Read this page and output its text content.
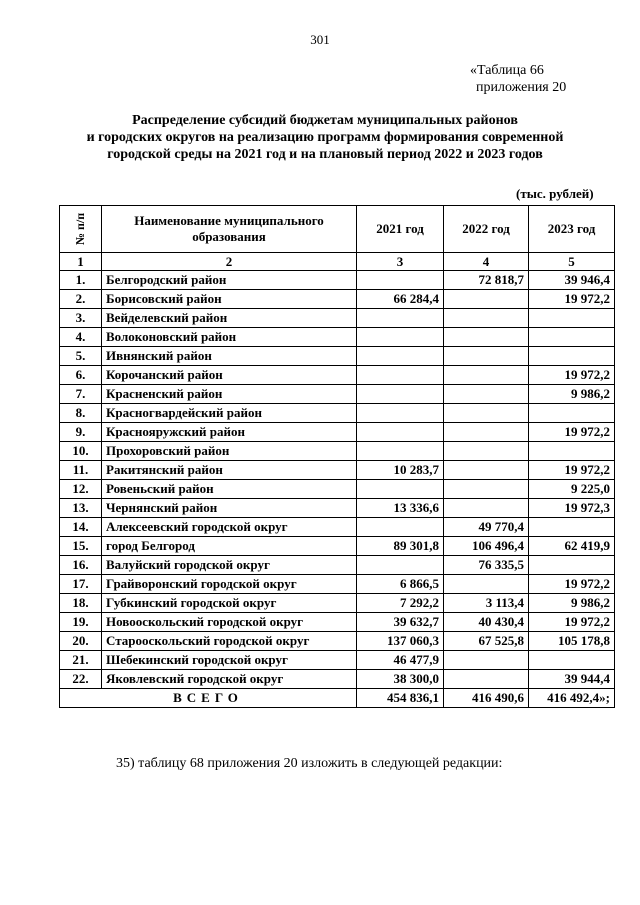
301
«Таблица 66
приложения 20
Распределение субсидий бюджетам муниципальных районов
и городских округов на реализацию программ формирования современной
городской среды на 2021 год и на плановый период 2022 и 2023 годов
(тыс. рублей)
№ п/п	Наименование муниципального образования	2021 год	2022 год	2023 год
1	2	3	4	5
1.	Белгородский район		72 818,7	39 946,4
2.	Борисовский район	66 284,4		19 972,2
3.	Вейделевский район			
4.	Волоконовский район			
5.	Ивнянский район			
6.	Корочанский район			19 972,2
7.	Красненский район			9 986,2
8.	Красногвардейский район			
9.	Краснояружский район			19 972,2
10.	Прохоровский район			
11.	Ракитянский район	10 283,7		19 972,2
12.	Ровеньский район			9 225,0
13.	Чернянский район	13 336,6		19 972,3
14.	Алексеевский городской округ		49 770,4	
15.	город Белгород	89 301,8	106 496,4	62 419,9
16.	Валуйский городской округ		76 335,5	
17.	Грайворонский городской округ	6 866,5		19 972,2
18.	Губкинский городской округ	7 292,2	3 113,4	9 986,2
19.	Новооскольский городской округ	39 632,7	40 430,4	19 972,2
20.	Старооскольский городской округ	137 060,3	67 525,8	105 178,8
21.	Шебекинский городской округ	46 477,9		
22.	Яковлевский городской округ	38 300,0		39 944,4
ВСЕГО		454 836,1	416 490,6	416 492,4»;
35) таблицу 68 приложения 20 изложить в следующей редакции:
